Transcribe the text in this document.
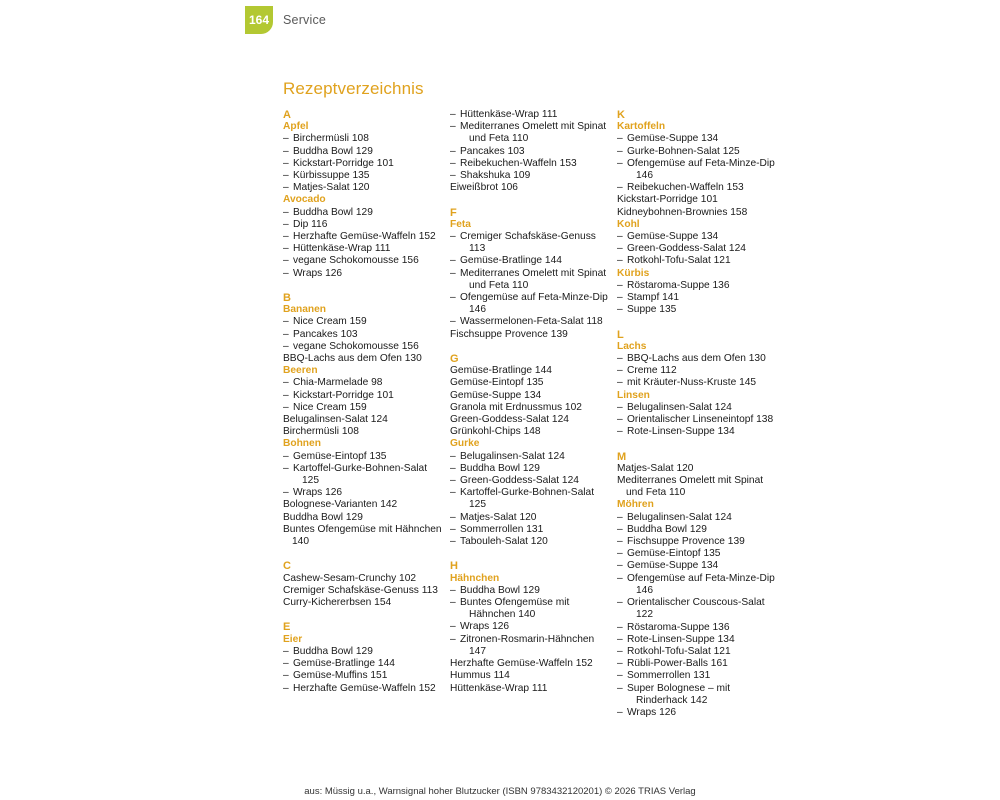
164 Service
Rezeptverzeichnis
A
Apfel
– Birchermüsli 108
– Buddha Bowl 129
– Kickstart-Porridge 101
– Kürbissuppe 135
– Matjes-Salat 120
Avocado
– Buddha Bowl 129
– Dip 116
– Herzhafte Gemüse-Waffeln 152
– Hüttenkäse-Wrap 111
– vegane Schokomousse 156
– Wraps 126
B
Bananen
– Nice Cream 159
– Pancakes 103
– vegane Schokomousse 156
BBQ-Lachs aus dem Ofen 130
Beeren
– Chia-Marmelade 98
– Kickstart-Porridge 101
– Nice Cream 159
Belugalinsen-Salat 124
Birchermüsli 108
Bohnen
– Gemüse-Eintopf 135
– Kartoffel-Gurke-Bohnen-Salat 125
– Wraps 126
Bolognese-Varianten 142
Buddha Bowl 129
Buntes Ofengemüse mit Hähnchen 140
C
Cashew-Sesam-Crunchy 102
Cremiger Schafskäse-Genuss 113
Curry-Kichererbsen 154
E
Eier
– Buddha Bowl 129
– Gemüse-Bratlinge 144
– Gemüse-Muffins 151
– Herzhafte Gemüse-Waffeln 152
– Hüttenkäse-Wrap 111
– Mediterranes Omelett mit Spinat und Feta 110
– Pancakes 103
– Reibekuchen-Waffeln 153
– Shakshuka 109
Eiweißbrot 106
F
Feta
– Cremiger Schafskäse-Genuss 113
– Gemüse-Bratlinge 144
– Mediterranes Omelett mit Spinat und Feta 110
– Ofengemüse auf Feta-Minze-Dip 146
– Wassermelonen-Feta-Salat 118
Fischsuppe Provence 139
G
Gemüse-Bratlinge 144
Gemüse-Eintopf 135
Gemüse-Suppe 134
Granola mit Erdnussmus 102
Green-Goddess-Salat 124
Grünkohl-Chips 148
Gurke
– Belugalinsen-Salat 124
– Buddha Bowl 129
– Green-Goddess-Salat 124
– Kartoffel-Gurke-Bohnen-Salat 125
– Matjes-Salat 120
– Sommerrollen 131
– Tabouleh-Salat 120
H
Hähnchen
– Buddha Bowl 129
– Buntes Ofengemüse mit Hähnchen 140
– Wraps 126
– Zitronen-Rosmarin-Hähnchen 147
Herzhafte Gemüse-Waffeln 152
Hummus 114
Hüttenkäse-Wrap 111
K
Kartoffeln
– Gemüse-Suppe 134
– Gurke-Bohnen-Salat 125
– Ofengemüse auf Feta-Minze-Dip 146
– Reibekuchen-Waffeln 153
Kickstart-Porridge 101
Kidneybohnen-Brownies 158
Kohl
– Gemüse-Suppe 134
– Green-Goddess-Salat 124
– Rotkohl-Tofu-Salat 121
Kürbis
– Röstaroma-Suppe 136
– Stampf 141
– Suppe 135
L
Lachs
– BBQ-Lachs aus dem Ofen 130
– Creme 112
– mit Kräuter-Nuss-Kruste 145
Linsen
– Belugalinsen-Salat 124
– Orientalischer Linseneintopf 138
– Rote-Linsen-Suppe 134
M
Matjes-Salat 120
Mediterranes Omelett mit Spinat und Feta 110
Möhren
– Belugalinsen-Salat 124
– Buddha Bowl 129
– Fischsuppe Provence 139
– Gemüse-Eintopf 135
– Gemüse-Suppe 134
– Ofengemüse auf Feta-Minze-Dip 146
– Orientalischer Couscous-Salat 122
– Röstaroma-Suppe 136
– Rote-Linsen-Suppe 134
– Rotkohl-Tofu-Salat 121
– Rübli-Power-Balls 161
– Sommerrollen 131
– Super Bolognese – mit Rinderhack 142
– Wraps 126
aus: Müssig u.a., Warnsignal hoher Blutzucker (ISBN 9783432120201) © 2026 TRIAS Verlag
